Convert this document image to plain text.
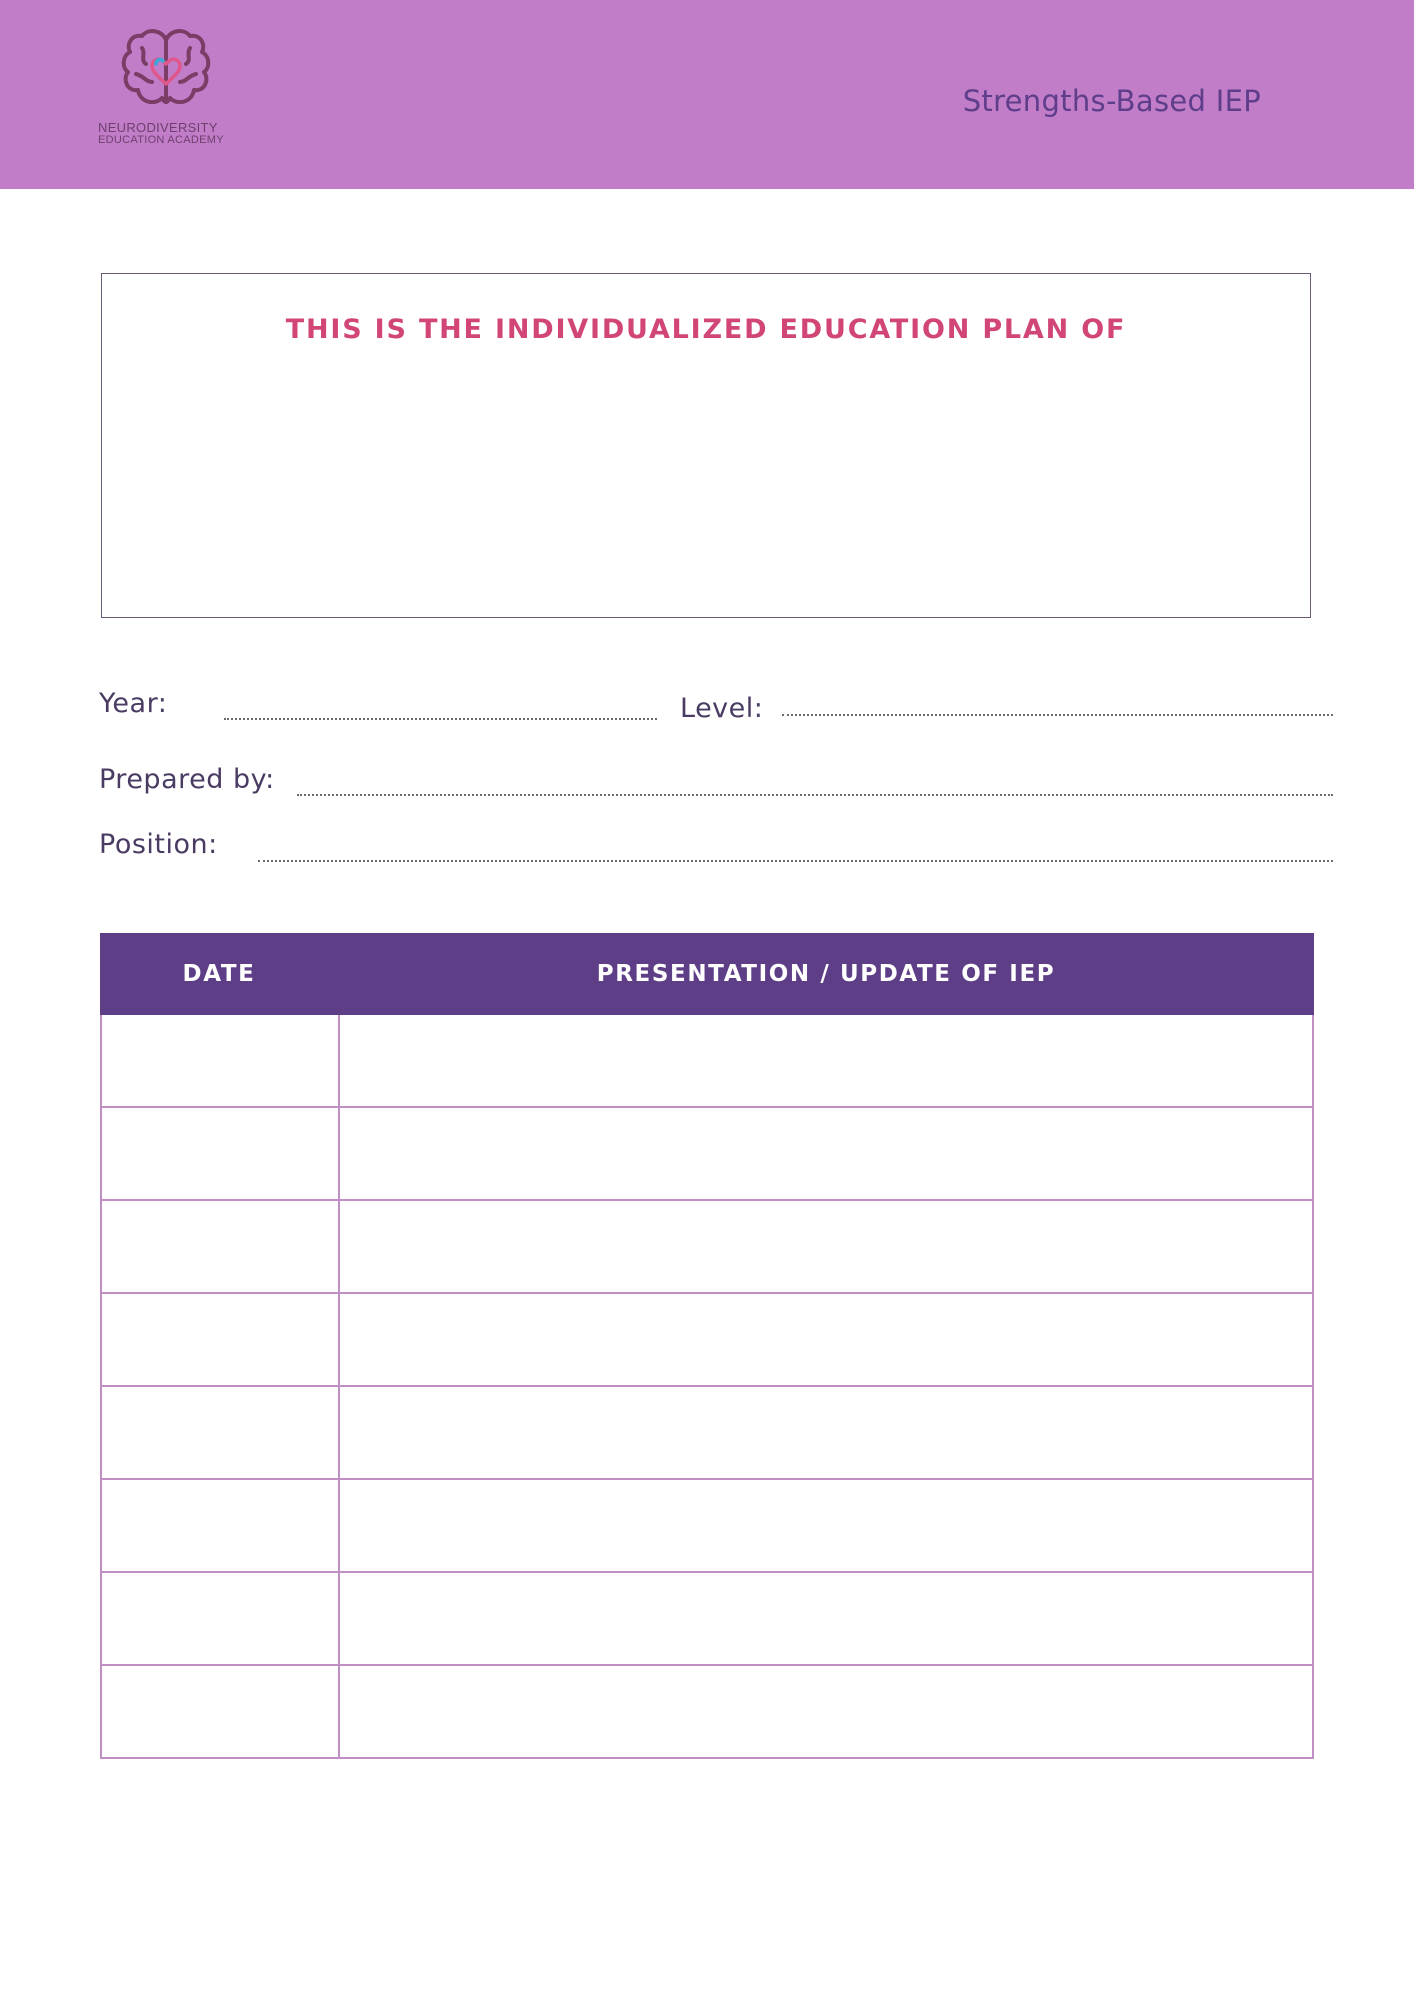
NEURODIVERSITY
EDUCATION ACADEMY
Strengths-Based IEP
THIS IS THE INDIVIDUALIZED EDUCATION PLAN OF
Year:	Level:
Prepared by:
Position:
DATE	PRESENTATION / UPDATE OF IEP
